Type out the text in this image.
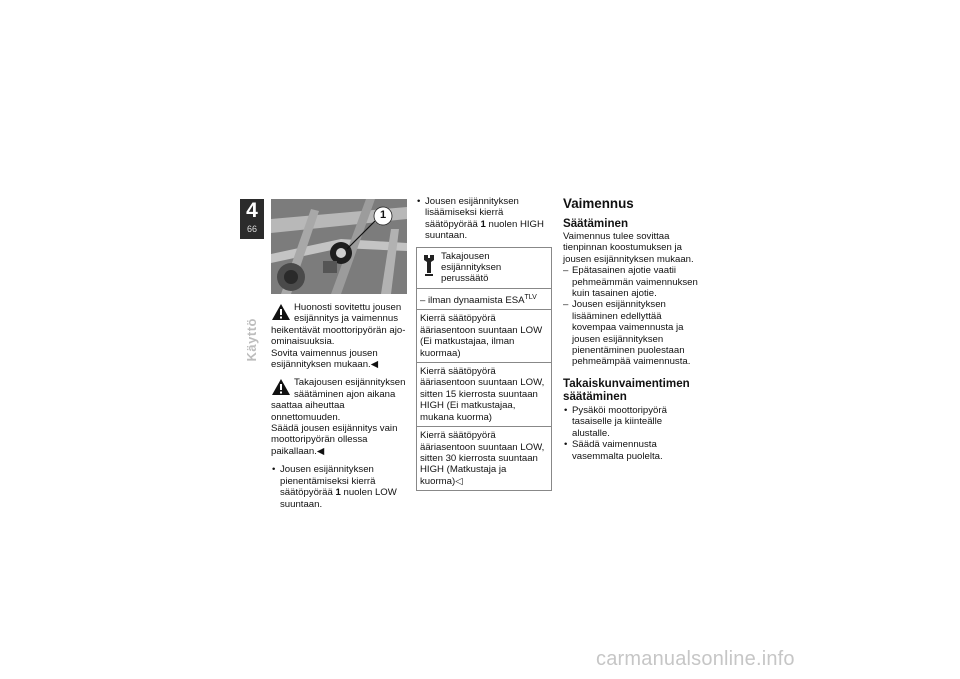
4
66
Käyttö
1

Huonosti sovitettu jousen esijännitys ja vaimennus

heikentävät moottoripyörän ajo-ominaisuuksia.

Sovita vaimennus jousen esijännityksen mukaan.◀

Takajousen esijännityksen säätäminen ajon aikana

saattaa aiheuttaa onnettomuuden.

Säädä jousen esijännitys vain moottoripyörän ollessa paikallaan.◀

• Jousen esijännityksen pienentämiseksi kierrä säätöpyörää 1 nuolen LOW suuntaan.
• Jousen esijännityksen lisäämiseksi kierrä säätöpyörää 1 nuolen HIGH suuntaan.
Takajousen esijännityksen perussäätö
– ilman dynaamista $ESA^{TLV}$
Kierrä säätöpyörä ääriasentoon suuntaan LOW (Ei matkustajaa, ilman kuormaa)
Kierrä säätöpyörä ääriasentoon suuntaan LOW, sitten 15 kierrosta suuntaan HIGH (Ei matkustajaa, mukana kuorma)
Kierrä säätöpyörä ääriasentoon suuntaan LOW, sitten 30 kierrosta suuntaan HIGH (Matkustaja ja kuorma)◁
Vaimennus
Säätäminen

Vaimennus tulee sovittaa tienpinnan koostumuksen ja jousen esijännityksen mukaan.

– Epätasainen ajotie vaatii pehmeämmän vaimennuksen kuin tasainen ajotie.
– Jousen esijännityksen lisääminen edellyttää kovempaa vaimennusta ja jousen esijännityksen pienentäminen puolestaan pehmeämpää vaimennusta.
Takaiskunvaimentimen säätäminen
• Pysäköi moottoripyörä tasaiselle ja kiinteälle alustalle.
• Säädä vaimennusta vasemmalta puolelta.
carmanualsonline.info
